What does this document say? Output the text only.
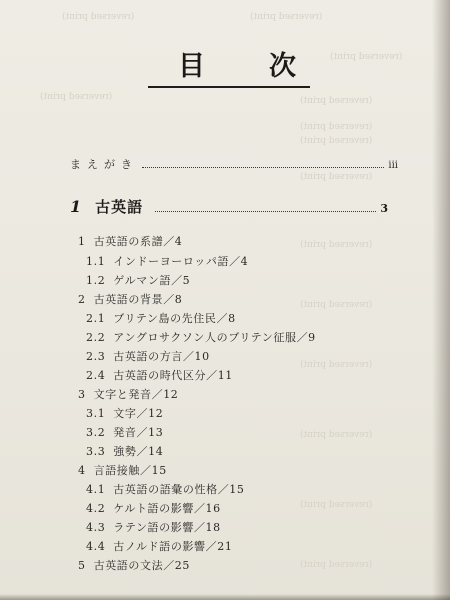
(reversed print)	(reversed print)
(reversed print)
(reversed print)	(reversed print)
(reversed print)
(reversed print)
(reversed print)
(reversed print)
(reversed print)
(reversed print)
(reversed print)
(reversed print)
(reversed print)
目 次
まえがき	iii
1 古英語	3
1 古英語の系譜／4
1.1 インドーヨーロッパ語／4
1.2 ゲルマン語／5
2 古英語の背景／8
2.1 ブリテン島の先住民／8
2.2 アングロサクソン人のブリテン征服／9
2.3 古英語の方言／10
2.4 古英語の時代区分／11
3 文字と発音／12
3.1 文字／12
3.2 発音／13
3.3 強勢／14
4 言語接触／15
4.1 古英語の語彙の性格／15
4.2 ケルト語の影響／16
4.3 ラテン語の影響／18
4.4 古ノルド語の影響／21
5 古英語の文法／25
